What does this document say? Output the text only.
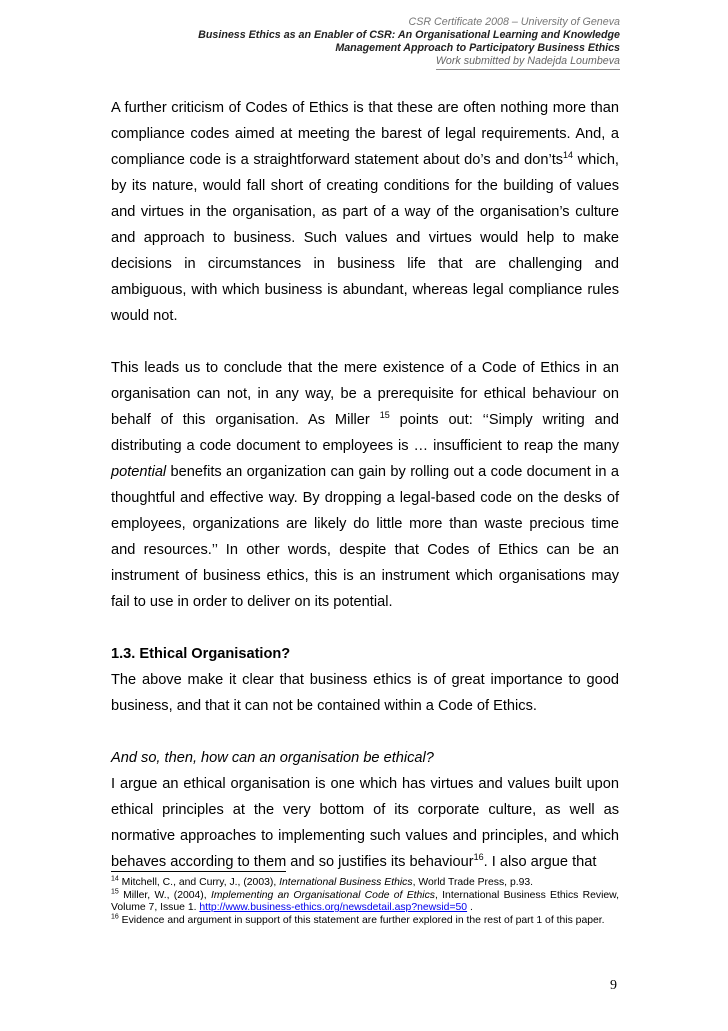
CSR Certificate 2008 – University of Geneva
Business Ethics as an Enabler of CSR: An Organisational Learning and Knowledge
Management Approach to Participatory Business Ethics
Work submitted by Nadejda Loumbeva

A further criticism of Codes of Ethics is that these are often nothing more than compliance codes aimed at meeting the barest of legal requirements. And, a compliance code is a straightforward statement about do’s and $don’ts^{14}$ which, by its nature, would fall short of creating conditions for the building of values and virtues in the organisation, as part of a way of the organisation’s culture and approach to business. Such values and virtues would help to make decisions in circumstances in business life that are challenging and ambiguous, with which business is abundant, whereas legal compliance rules would not.

This leads us to conclude that the mere existence of a Code of Ethics in an organisation can not, in any way, be a prerequisite for ethical behaviour on behalf of this organisation. As Miller $^{15}$ points out: ‘‘Simply writing and distributing a code document to employees is … insufficient to reap the many potential benefits an organization can gain by rolling out a code document in a thoughtful and effective way. By dropping a legal-based code on the desks of employees, organizations are likely do little more than waste precious time and resources.’’ In other words, despite that Codes of Ethics can be an instrument of business ethics, this is an instrument which organisations may fail to use in order to deliver on its potential.

1.3. Ethical Organisation?

The above make it clear that business ethics is of great importance to good business, and that it can not be contained within a Code of Ethics.

And so, then, how can an organisation be ethical?

I argue an ethical organisation is one which has virtues and values built upon ethical principles at the very bottom of its corporate culture, as well as normative approaches to implementing such values and principles, and which behaves according to them and so justifies its behaviour$^{16}$. I also argue that

$^{14}$ Mitchell, C., and Curry, J., (2003), International Business Ethics, World Trade Press, p.93.

$^{15}$ Miller, W., (2004), Implementing an Organisational Code of Ethics, International Business Ethics Review, Volume 7, Issue 1. http://www.business-ethics.org/newsdetail.asp?newsid=50 .

$^{16}$ Evidence and argument in support of this statement are further explored in the rest of part 1 of this paper.

9
